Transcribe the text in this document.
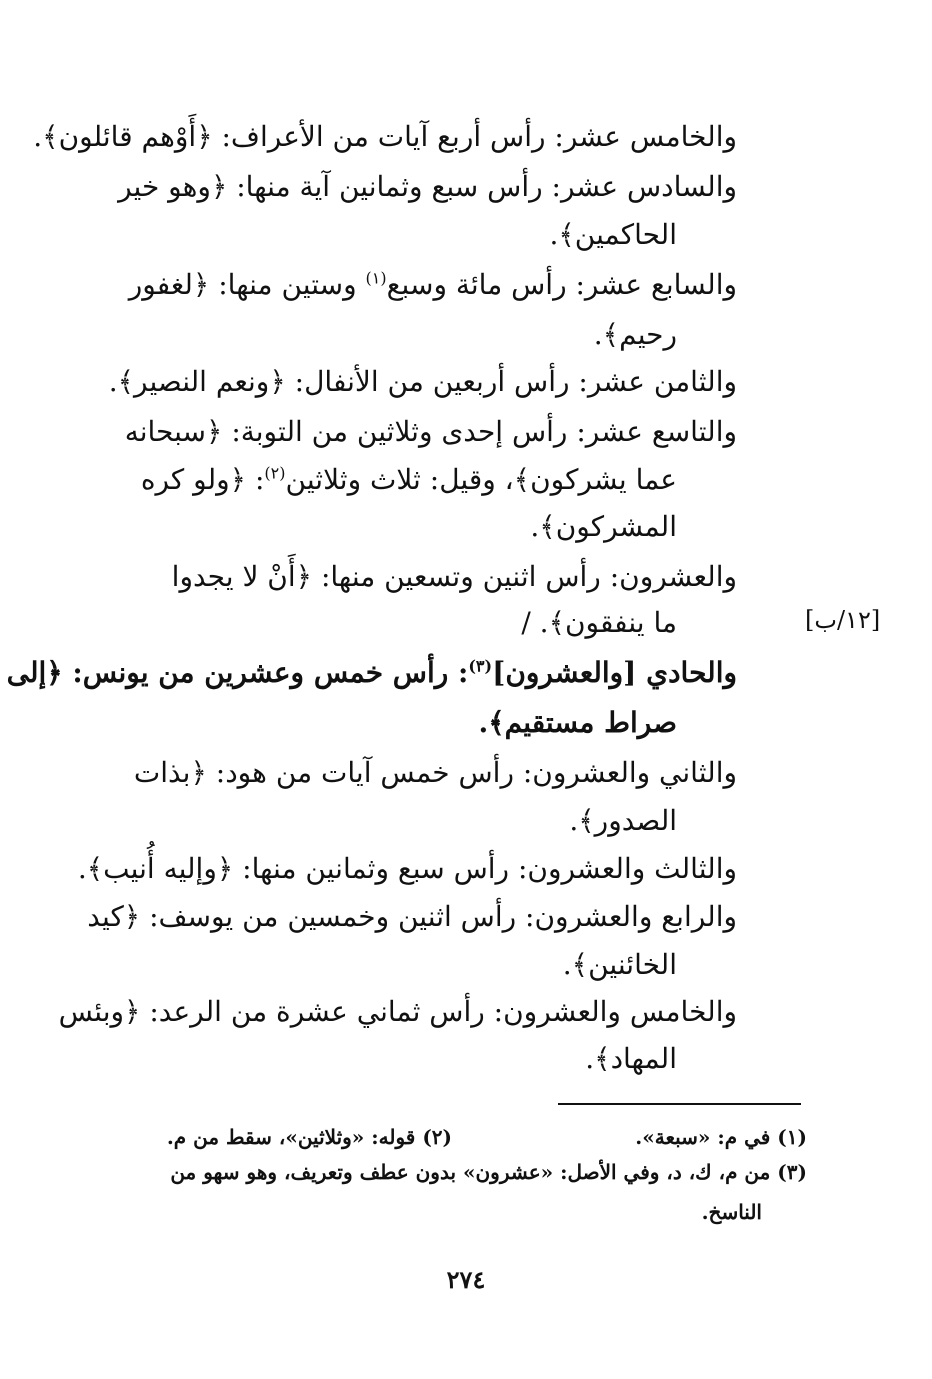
والخامس عشر: رأس أربع آيات من الأعراف: ﴿أَوْهم قائلون﴾.
والسادس عشر: رأس سبع وثمانين آية منها: ﴿وهو خير
الحاكمين﴾.
والسابع عشر: رأس مائة وسبع$^{(١)}$ وستين منها: ﴿لغفور
رحيم﴾.
والثامن عشر: رأس أربعين من الأنفال: ﴿ونعم النصير﴾.
والتاسع عشر: رأس إحدى وثلاثين من التوبة: ﴿سبحانه
عما يشركون﴾، وقيل: ثلاث وثلاثين$^{(٢)}$: ﴿ولو كره
المشركون﴾.
والعشرون: رأس اثنين وتسعين منها: ﴿أَنْ لا يجدوا
ما ينفقون﴾. /	[١٢/ب]
والحادي [والعشرون]$^{(٣)}$: رأس خمس وعشرين من يونس: ﴿إلى
صراط مستقيم﴾.
والثاني والعشرون: رأس خمس آيات من هود: ﴿بذات
الصدور﴾.
والثالث والعشرون: رأس سبع وثمانين منها: ﴿وإليه أُنيب﴾.
والرابع والعشرون: رأس اثنين وخمسين من يوسف: ﴿كيد
الخائنين﴾.
والخامس والعشرون: رأس ثماني عشرة من الرعد: ﴿وبئس
المهاد﴾.
(١) في م: «سبعة».
(٢) قوله: «وثلاثين»، سقط من م.
(٣) من م، ك، د، وفي الأصل: «عشرون» بدون عطف وتعريف، وهو سهو من
الناسخ.
٢٧٤
